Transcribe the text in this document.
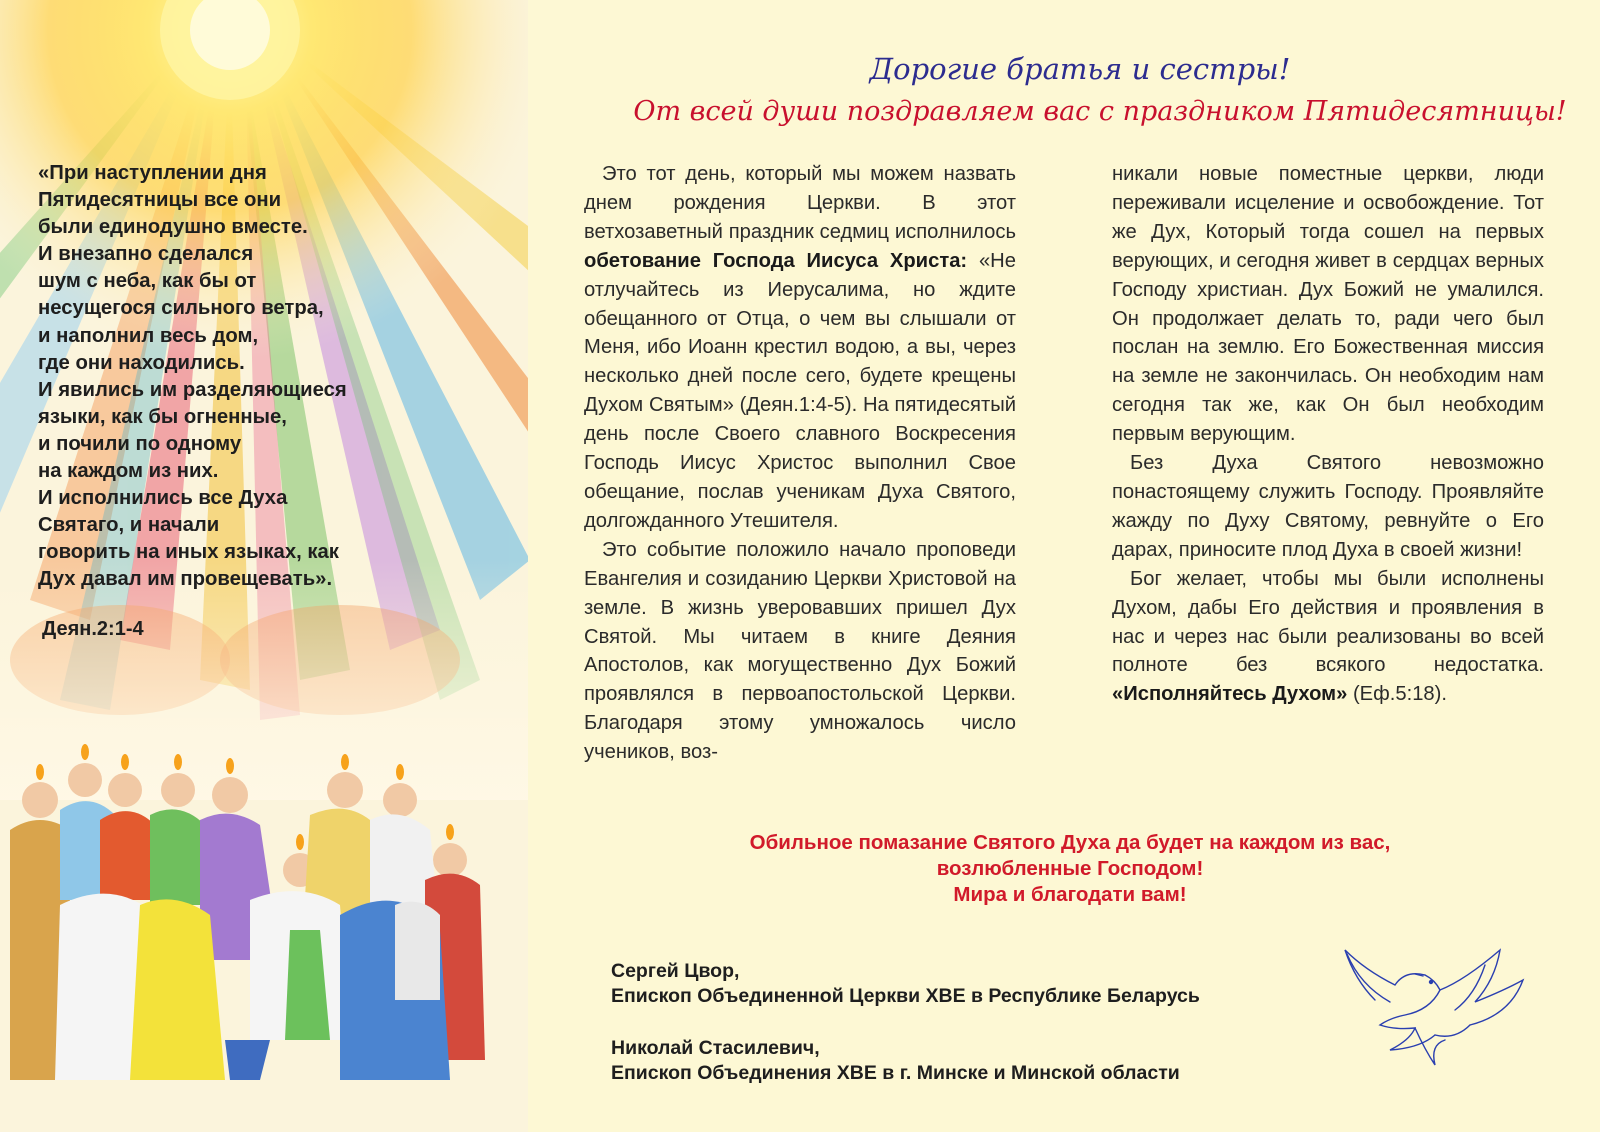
«При наступлении дня
Пятидесятницы все они
были единодушно вместе.
И внезапно сделался
шум с неба, как бы от
несущегося сильного ветра,
и наполнил весь дом,
где они находились.
И явились им разделяющиеся
языки, как бы огненные,
и почили по одному
на каждом из них.
И исполнились все Духа
Святаго, и начали
говорить на иных языках, как
Дух давал им провещевать».
Деян.2:1-4
Дорогие братья и сестры!
От всей души поздравляем вас с праздником Пятидесятницы!

Это тот день, который мы можем назвать днем рождения Церкви. В этот ветхозаветный праздник седмиц исполнилось обетование Господа Иисуса Христа: «Не отлучайтесь из Иерусалима, но ждите обещанного от Отца, о чем вы слышали от Меня, ибо Иоанн крестил водою, а вы, через несколько дней после сего, будете крещены Духом Святым» (Деян.1:4-5). На пятидесятый день после Своего славного Воскресения Господь Иисус Христос выполнил Свое обещание, послав ученикам Духа Святого, долгожданного Утешителя.

Это событие положило начало проповеди Евангелия и созиданию Церкви Христовой на земле. В жизнь уверовавших пришел Дух Святой. Мы читаем в книге Деяния Апостолов, как могущественно Дух Божий проявлялся в первоапостольской Церкви. Благодаря этому умножалось число учеников, воз-

никали новые поместные церкви, люди переживали исцеление и освобождение. Тот же Дух, Который тогда сошел на первых верующих, и сегодня живет в сердцах верных Господу христиан. Дух Божий не умалился. Он продолжает делать то, ради чего был послан на землю. Его Божественная миссия на земле не закончилась. Он необходим нам сегодня так же, как Он был необходим первым верующим.

Без Духа Святого невозможно понастоящему служить Господу. Проявляйте жажду по Духу Святому, ревнуйте о Его дарах, приносите плод Духа в своей жизни!

Бог желает, чтобы мы были исполнены Духом, дабы Его действия и проявления в нас и через нас были реализованы во всей полноте без всякого недостатка. «Исполняйтесь Духом» (Еф.5:18).

Обильное помазание Святого Духа да будет на каждом из вас,
возлюбленные Господом!
Мира и благодати вам!
Сергей Цвор,
Епископ Объединенной Церкви ХВЕ в Республике Беларусь
Николай Стасилевич,
Епископ Объединения ХВЕ в г. Минске и Минской области
